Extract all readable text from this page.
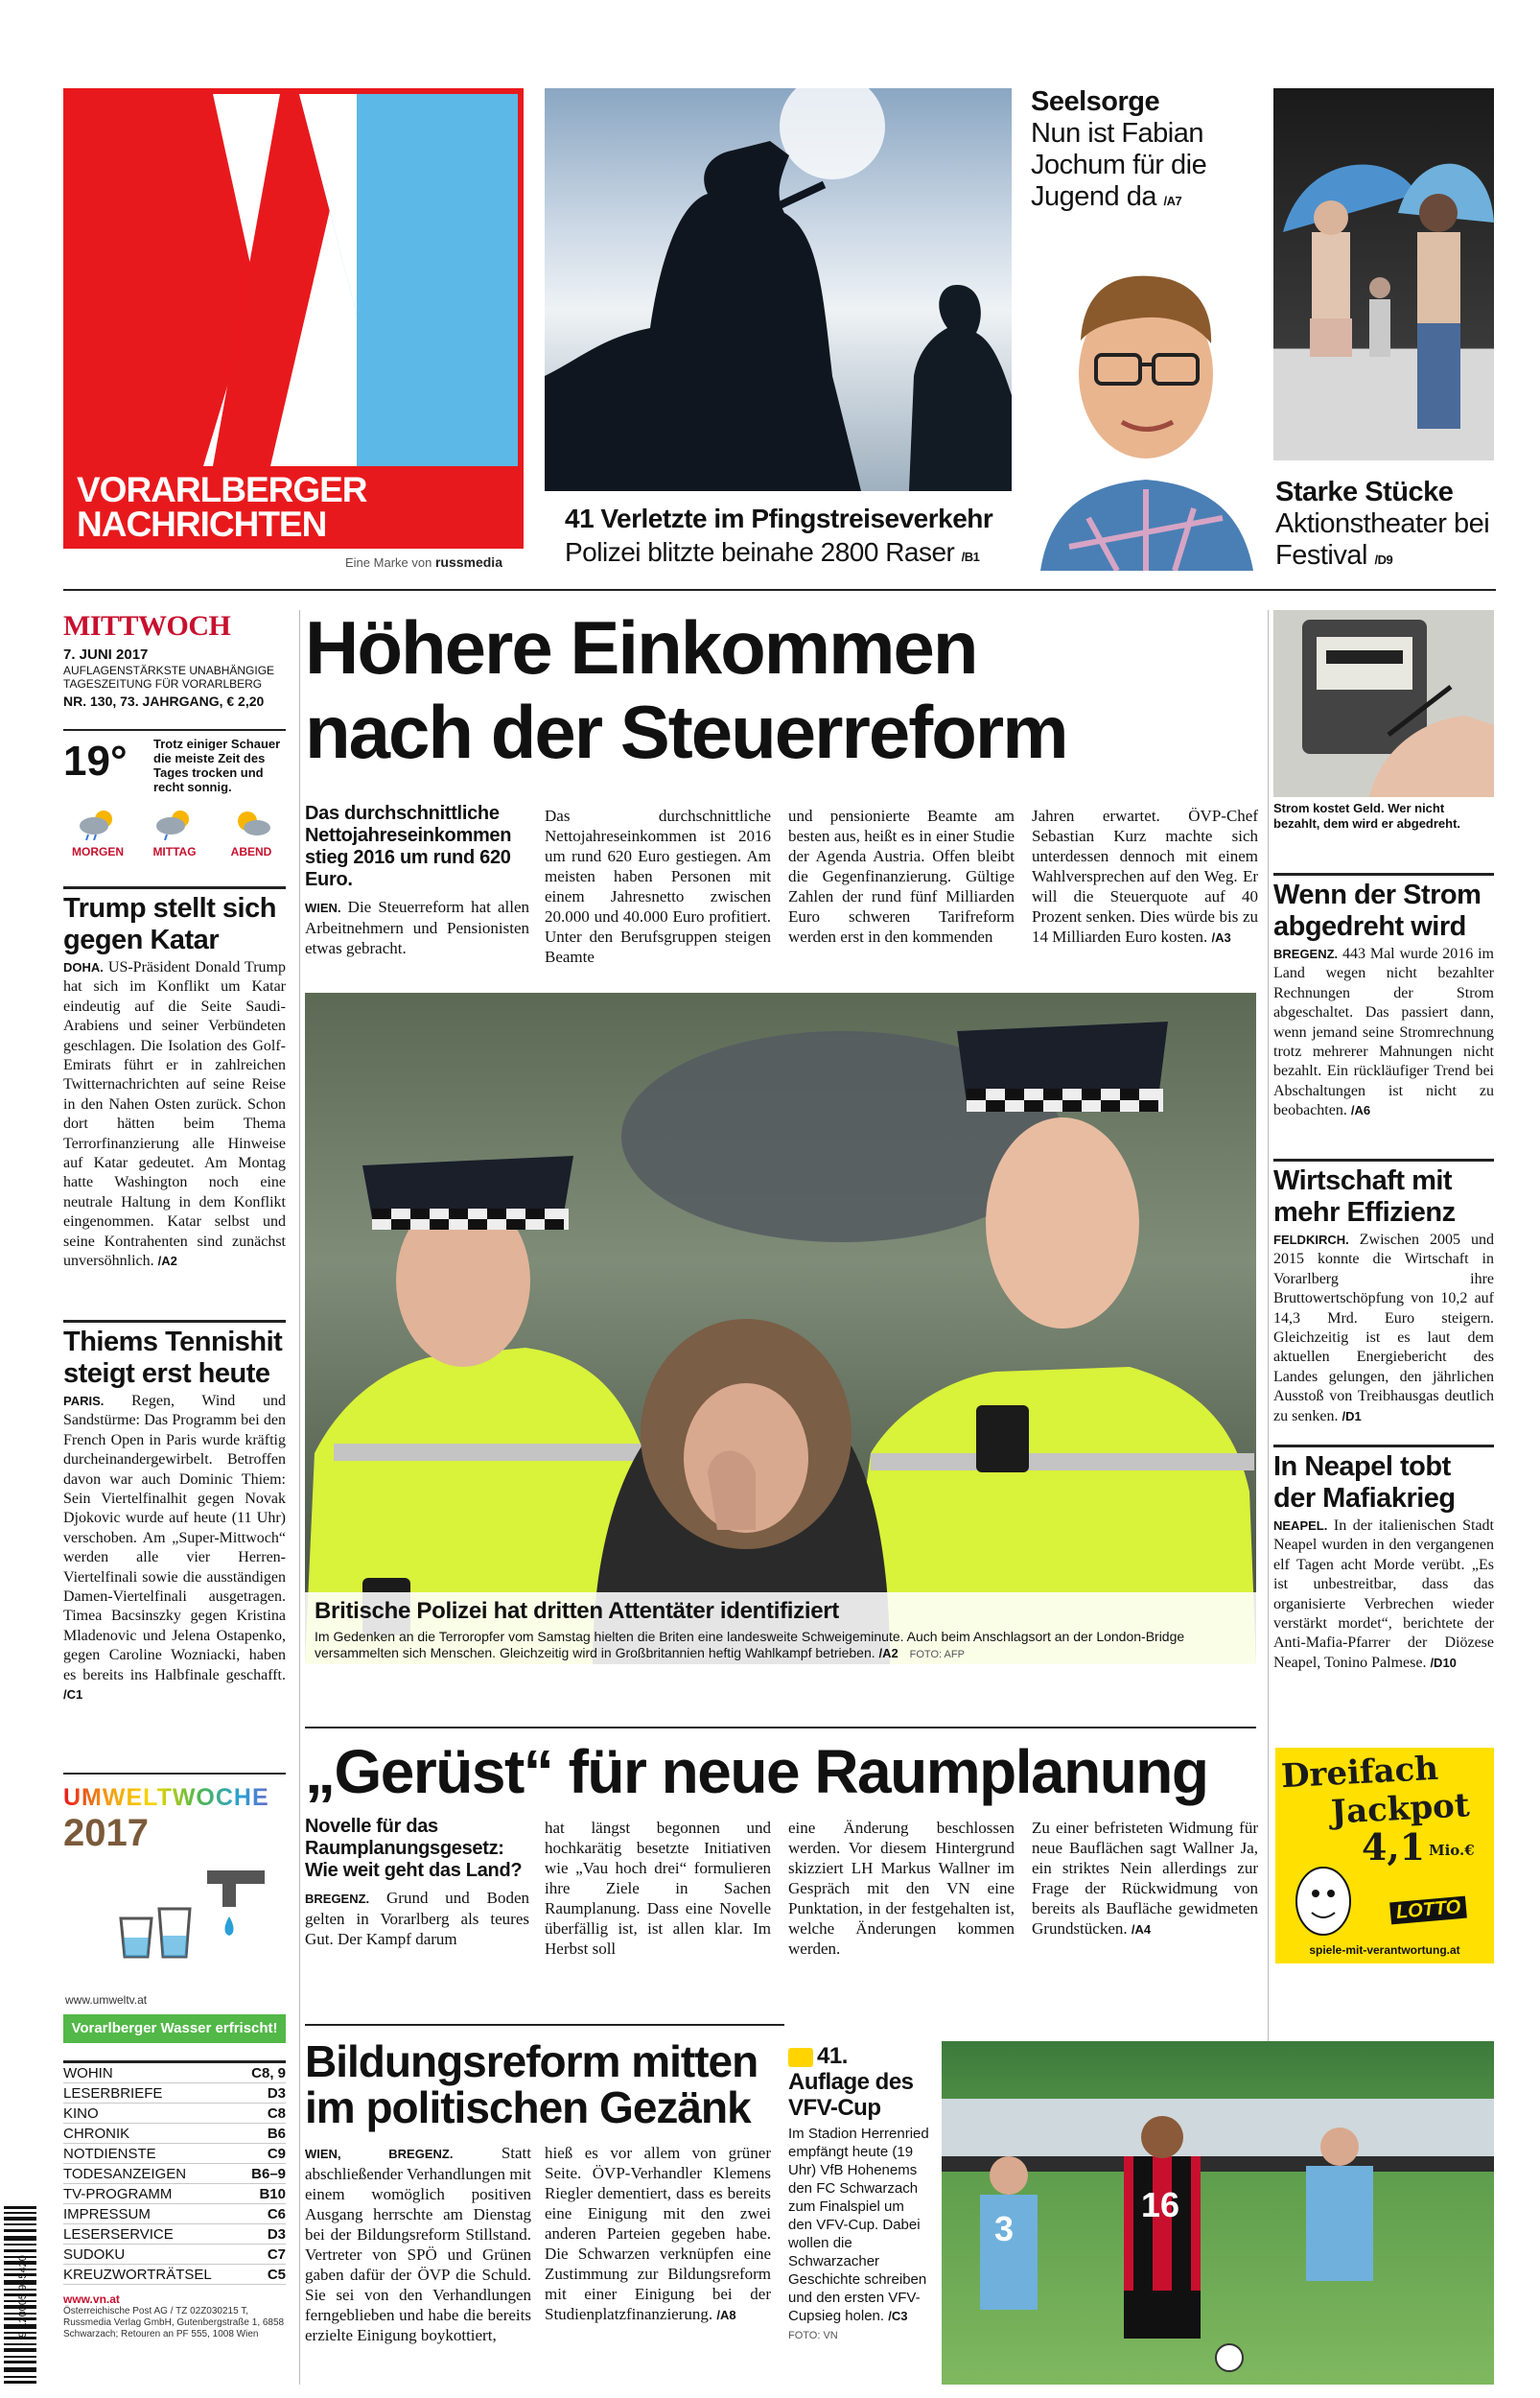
VORARLBERGER
NACHRICHTEN
Eine Marke von russmedia
41 Verletzte im Pfingstreiseverkehr
Polizei blitzte beinahe 2800 Raser /B1
Seelsorge
Nun ist Fabian Jochum für die Jugend da /A7
Starke Stücke
Aktionstheater bei Festival /D9
MITTWOCH
7. JUNI 2017
AUFLAGENSTÄRKSTE UNABHÄNGIGE TAGESZEITUNG FÜR VORARLBERG
NR. 130, 73. JAHRGANG, € 2,20
19°	Trotz einiger Schauer die meiste Zeit des Tages trocken und recht sonnig.
MORGEN	MITTAG	ABEND
Trump stellt sich gegen Katar
DOHA. US-Präsident Donald Trump hat sich im Konflikt um Katar eindeutig auf die Seite Saudi-Arabiens und seiner Verbündeten geschlagen. Die Isolation des Golf-Emirats führt er in zahlreichen Twitternachrichten auf seine Reise in den Nahen Osten zurück. Schon dort hätten beim Thema Terrorfinanzierung alle Hinweise auf Katar gedeutet. Am Montag hatte Washington noch eine neutrale Haltung in dem Konflikt eingenommen. Katar selbst und seine Kontrahenten sind zunächst unversöhnlich. /A2
Thiems Tennishit steigt erst heute
PARIS. Regen, Wind und Sandstürme: Das Programm bei den French Open in Paris wurde kräftig durcheinandergewirbelt. Betroffen davon war auch Dominic Thiem: Sein Viertelfinalhit gegen Novak Djokovic wurde auf heute (11 Uhr) verschoben. Am „Super-Mittwoch“ werden alle vier Herren-Viertelfinali sowie die ausständigen Damen-Viertelfinali ausgetragen. Timea Bacsinszky gegen Kristina Mladenovic und Jelena Ostapenko, gegen Caroline Wozniacki, haben es bereits ins Halbfinale geschafft. /C1
UMWELTWOCHE
2017
www.umweltv.at
Vorarlberger Wasser erfrischt!
WOHIN	C8, 9
LESERBRIEFE	D3
KINO	C8
CHRONIK	B6
NOTDIENSTE	C9
TODESANZEIGEN	B6–9
TV-PROGRAMM	B10
IMPRESSUM	C6
LESERSERVICE	D3
SUDOKU	C7
KREUZWORTRÄTSEL	C5
www.vn.at
Österreichische Post AG / TZ 02Z030215 T, Russmedia Verlag GmbH, Gutenbergstraße 1, 6858 Schwarzach; Retouren an PF 555, 1008 Wien
9 120005 945420
Höhere Einkommen
nach der Steuerreform
Das durchschnittliche Nettojahreseinkommen stieg 2016 um rund 620 Euro.
WIEN. Die Steuerreform hat allen Arbeitnehmern und Pensionisten etwas gebracht.
Das durchschnittliche Nettojahreseinkommen ist 2016 um rund 620 Euro gestiegen. Am meisten haben Personen mit einem Jahresnetto zwischen 20.000 und 40.000 Euro profitiert. Unter den Berufsgruppen steigen Beamte
und pensionierte Beamte am besten aus, heißt es in einer Studie der Agenda Austria. Offen bleibt die Gegenfinanzierung. Gültige Zahlen der rund fünf Milliarden Euro schweren Tarifreform werden erst in den kommenden
Jahren erwartet. ÖVP-Chef Sebastian Kurz machte sich unterdessen dennoch mit einem Wahlversprechen auf den Weg. Er will die Steuerquote auf 40 Prozent senken. Dies würde bis zu 14 Milliarden Euro kosten. /A3
Britische Polizei hat dritten Attentäter identifiziert
Im Gedenken an die Terroropfer vom Samstag hielten die Briten eine landesweite Schweigeminute. Auch beim Anschlagsort an der London-Bridge versammelten sich Menschen. Gleichzeitig wird in Großbritannien heftig Wahlkampf betrieben. /A2 FOTO: AFP
Strom kostet Geld. Wer nicht bezahlt, dem wird er abgedreht.
Wenn der Strom abgedreht wird
BREGENZ. 443 Mal wurde 2016 im Land wegen nicht bezahlter Rechnungen der Strom abgeschaltet. Das passiert dann, wenn jemand seine Stromrechnung trotz mehrerer Mahnungen nicht bezahlt. Ein rückläufiger Trend bei Abschaltungen ist nicht zu beobachten. /A6
Wirtschaft mit mehr Effizienz
FELDKIRCH. Zwischen 2005 und 2015 konnte die Wirtschaft in Vorarlberg ihre Bruttowertschöpfung von 10,2 auf 14,3 Mrd. Euro steigern. Gleichzeitig ist es laut dem aktuellen Energiebericht des Landes gelungen, den jährlichen Ausstoß von Treibhausgas deutlich zu senken. /D1
In Neapel tobt der Mafiakrieg
NEAPEL. In der italienischen Stadt Neapel wurden in den vergangenen elf Tagen acht Morde verübt. „Es ist unbestreitbar, dass das organisierte Verbrechen wieder verstärkt mordet“, berichtete der Anti-Mafia-Pfarrer der Diözese Neapel, Tonino Palmese. /D10
Dreifach
Jackpot
4,1 Mio.€
LOTTO
spiele-mit-verantwortung.at
„Gerüst“ für neue Raumplanung
Novelle für das Raumplanungsgesetz: Wie weit geht das Land?
BREGENZ. Grund und Boden gelten in Vorarlberg als teures Gut. Der Kampf darum
hat längst begonnen und hochkarätig besetzte Initiativen wie „Vau hoch drei“ formulieren ihre Ziele in Sachen Raumplanung. Dass eine Novelle überfällig ist, ist allen klar. Im Herbst soll
eine Änderung beschlossen werden. Vor diesem Hintergrund skizziert LH Markus Wallner im Gespräch mit den VN eine Punktation, in der festgehalten ist, welche Änderungen kommen werden.
Zu einer befristeten Widmung für neue Bauflächen sagt Wallner Ja, ein striktes Nein allerdings zur Frage der Rückwidmung von bereits als Baufläche gewidmeten Grundstücken. /A4
Bildungsreform mitten
im politischen Gezänk
WIEN, BREGENZ.	Statt abschließender Verhandlungen mit einem womöglich positiven Ausgang herrschte am Dienstag bei der Bildungsreform Stillstand. Vertreter von SPÖ und Grünen gaben dafür der ÖVP die Schuld. Sie sei von den Verhandlungen ferngeblieben und habe die bereits erzielte Einigung boykottiert,
hieß es vor allem von grüner Seite. ÖVP-Verhandler Klemens Riegler dementiert, dass es bereits eine Einigung mit den zwei anderen Parteien gegeben habe. Die Schwarzen verknüpfen eine Zustimmung zur Bildungsreform mit einer Einigung bei der Studienplatzfinanzierung. /A8
41. Auflage des VFV-Cup
Im Stadion Herrenried empfängt heute (19 Uhr) VfB Hohenems den FC Schwarzach zum Finalspiel um den VFV-Cup. Dabei wollen die Schwarzacher Geschichte schreiben und den ersten VFV-Cupsieg holen. /C3 FOTO: VN
3
16
